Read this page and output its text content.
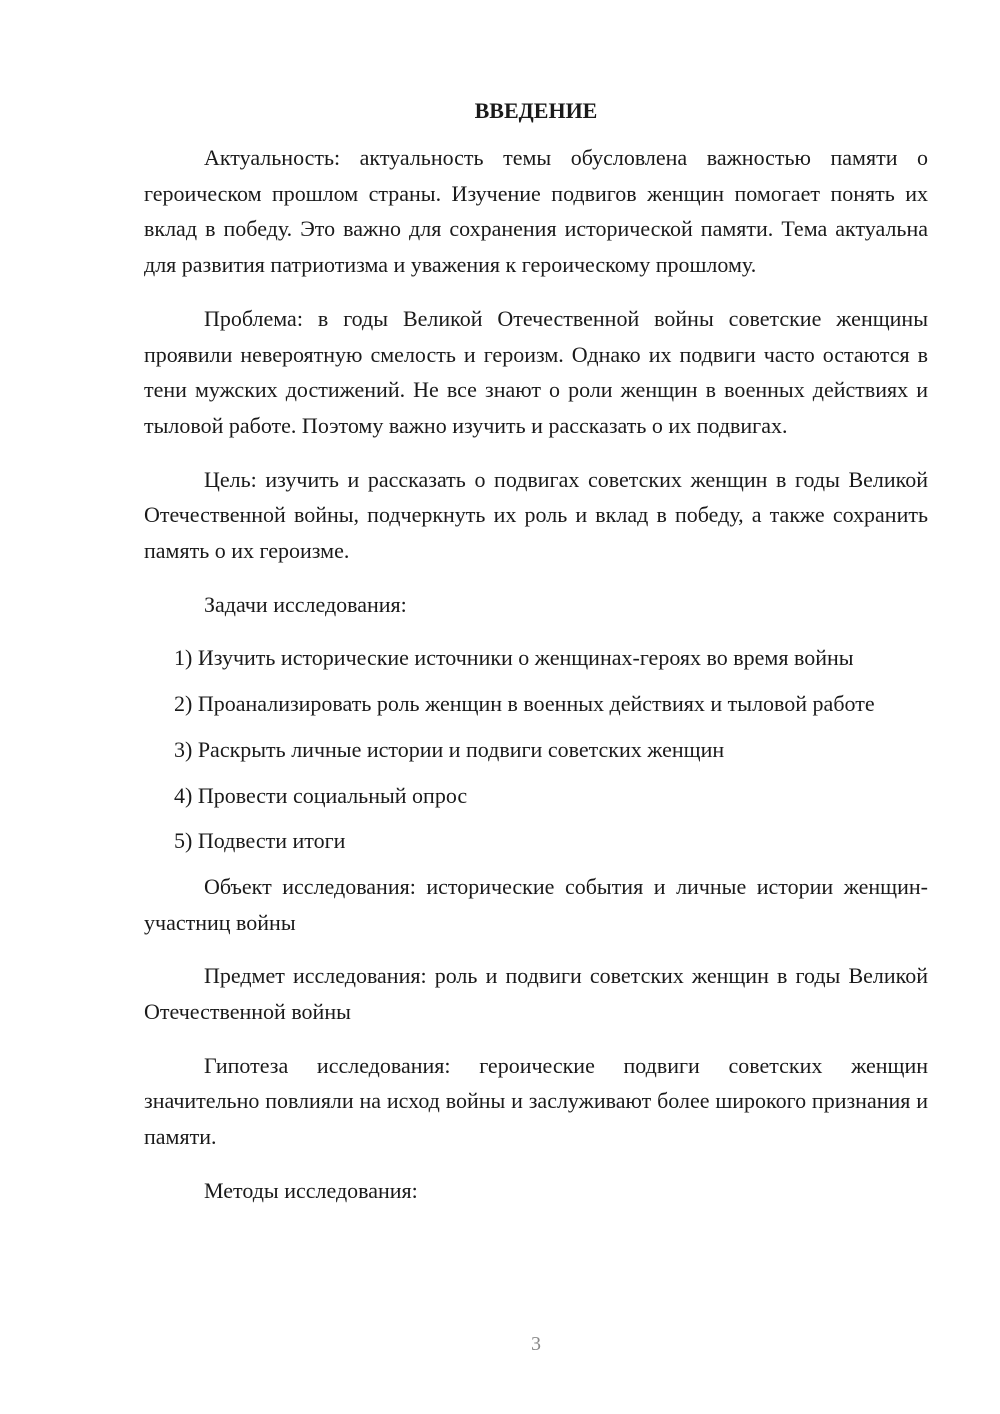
ВВЕДЕНИЕ

Актуальность: актуальность темы обусловлена важностью памяти о героическом прошлом страны. Изучение подвигов женщин помогает понять их вклад в победу. Это важно для сохранения исторической памяти. Тема актуальна для развития патриотизма и уважения к героическому прошлому.

Проблема: в годы Великой Отечественной войны советские женщины проявили невероятную смелость и героизм. Однако их подвиги часто остаются в тени мужских достижений. Не все знают о роли женщин в военных действиях и тыловой работе. Поэтому важно изучить и рассказать о их подвигах.

Цель: изучить и рассказать о подвигах советских женщин в годы Великой Отечественной войны, подчеркнуть их роль и вклад в победу, а также сохранить память о их героизме.

Задачи исследования:

1) Изучить исторические источники о женщинах-героях во время войны

2) Проанализировать роль женщин в военных действиях и тыловой работе

3) Раскрыть личные истории и подвиги советских женщин

4) Провести социальный опрос

5) Подвести итоги

Объект исследования: исторические события и личные истории женщин-участниц войны

Предмет исследования: роль и подвиги советских женщин в годы Великой Отечественной войны

Гипотеза исследования: героические подвиги советских женщин значительно повлияли на исход войны и заслуживают более широкого признания и памяти.

Методы исследования:

3
